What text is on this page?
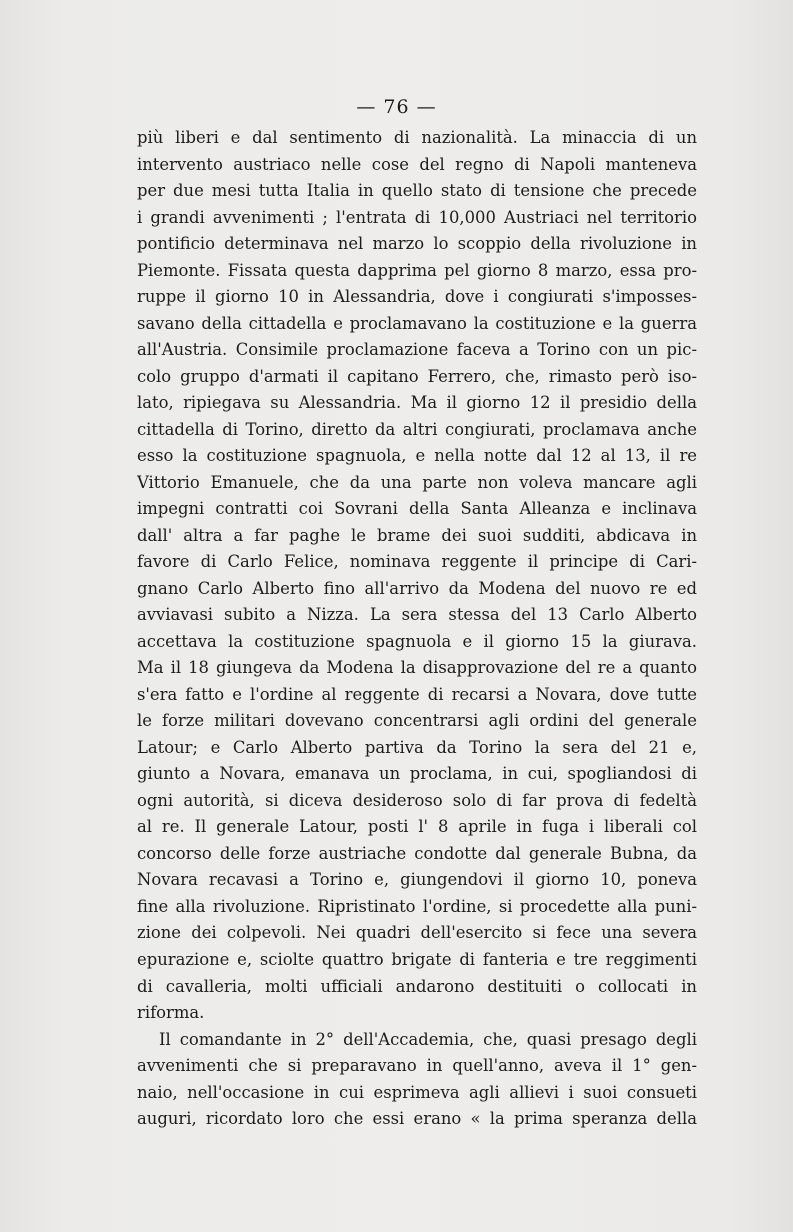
— 76 —
più liberi e dal sentimento di nazionalità. La minaccia di un
intervento austriaco nelle cose del regno di Napoli manteneva
per due mesi tutta Italia in quello stato di tensione che precede
i grandi avvenimenti ; l'entrata di 10,000 Austriaci nel territorio
pontificio determinava nel marzo lo scoppio della rivoluzione in
Piemonte. Fissata questa dapprima pel giorno 8 marzo, essa pro-
ruppe il giorno 10 in Alessandria, dove i congiurati s'imposses-
savano della cittadella e proclamavano la costituzione e la guerra
all'Austria. Consimile proclamazione faceva a Torino con un pic-
colo gruppo d'armati il capitano Ferrero, che, rimasto però iso-
lato, ripiegava su Alessandria. Ma il giorno 12 il presidio della
cittadella di Torino, diretto da altri congiurati, proclamava anche
esso la costituzione spagnuola, e nella notte dal 12 al 13, il re
Vittorio Emanuele, che da una parte non voleva mancare agli
impegni contratti coi Sovrani della Santa Alleanza e inclinava
dall' altra a far paghe le brame dei suoi sudditi, abdicava in
favore di Carlo Felice, nominava reggente il principe di Cari-
gnano Carlo Alberto fino all'arrivo da Modena del nuovo re ed
avviavasi subito a Nizza. La sera stessa del 13 Carlo Alberto
accettava la costituzione spagnuola e il giorno 15 la giurava.
Ma il 18 giungeva da Modena la disapprovazione del re a quanto
s'era fatto e l'ordine al reggente di recarsi a Novara, dove tutte
le forze militari dovevano concentrarsi agli ordini del generale
Latour; e Carlo Alberto partiva da Torino la sera del 21 e,
giunto a Novara, emanava un proclama, in cui, spogliandosi di
ogni autorità, si diceva desideroso solo di far prova di fedeltà
al re. Il generale Latour, posti l' 8 aprile in fuga i liberali col
concorso delle forze austriache condotte dal generale Bubna, da
Novara recavasi a Torino e, giungendovi il giorno 10, poneva
fine alla rivoluzione. Ripristinato l'ordine, si procedette alla puni-
zione dei colpevoli. Nei quadri dell'esercito si fece una severa
epurazione e, sciolte quattro brigate di fanteria e tre reggimenti
di cavalleria, molti ufficiali andarono destituiti o collocati in
riforma.
Il comandante in 2° dell'Accademia, che, quasi presago degli
avvenimenti che si preparavano in quell'anno, aveva il 1° gen-
naio, nell'occasione in cui esprimeva agli allievi i suoi consueti
auguri, ricordato loro che essi erano « la prima speranza della
